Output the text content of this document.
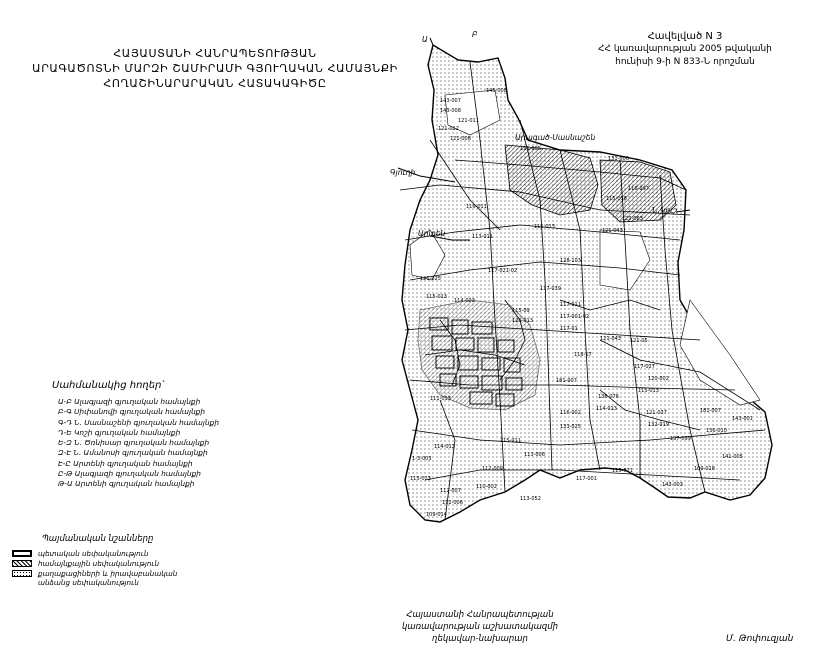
Արագած-Սասնաշեն
Գյուղի
Արտեն
Ն.Կուշ
Ա
Բ
145-008
143-007
143-008
121-011
121-012
121-008
131-005
131-006
116-097
115-038
122-063
121-043
116-011
115-013
117-021-02
128-103
117-039
113-011
121-025
115-013
115-09
114-023
117-011
117-001-02
126-013
117-01
121-043 121-05
118-17
117-027
120-002
181-007
111-013	136-076
115-013
114-013
116-002
133-025
121-037	181-007
132-019
136-010
137-099
143-001
141-005
109-018
117-001
143-003
115-011
114-012
1-3-003
113-006
112-009
113-023
112-007
110-002
112-006
109-014
113-052
115-011
ՀԱՅԱՍՏԱՆԻ ՀԱՆՐԱՊԵՏՈՒԹՅԱՆ
ԱՐԱԳԱԾՈՏՆԻ ՄԱՐԶԻ ՇԱՄԻՐԱՄԻ ԳՅՈՒՂԱԿԱՆ ՀԱՄԱՅՆՔԻ
ՀՈՂԱՇԻՆԱՐԱՐԱԿԱՆ ՀԱՏԱԿԱԳԻԾԸ
Հավելված N 3
ՀՀ կառավարության 2005 թվականի
հունիսի 9-ի N 833-Ն որոշման
Սահմանակից հողեր՝
Ա-Բ Ալագյազի գյուղական համայնքի
Բ-Գ Սիփանովի գյուղական համայնքի
Գ-Դ Ն. Սասնաշենի գյուղական համայնքի
Դ-Ե Կոշի գյուղական համայնքի
Ե-Զ Ն. Ծռնիսար գյուղական համայնքի
Զ-Է Ն. Ամանոսի գյուղական համայնքի
Է-Ը Արտենի գյուղական համայնքի
Ը-Թ Ալագյազի գյուղական համայնքի
Թ-Ա Արտենի գյուղական համայնքի
Պայմանական նշանները
պետական սեփականություն
համայնքային սեփականություն
քաղաքացիների և իրավաբանական
անձանց սեփականություն
Հայաստանի Հանրապետության
կառավարության աշխատակազմի
ղեկավար-նախարար	Մ. Թոփուզյան
